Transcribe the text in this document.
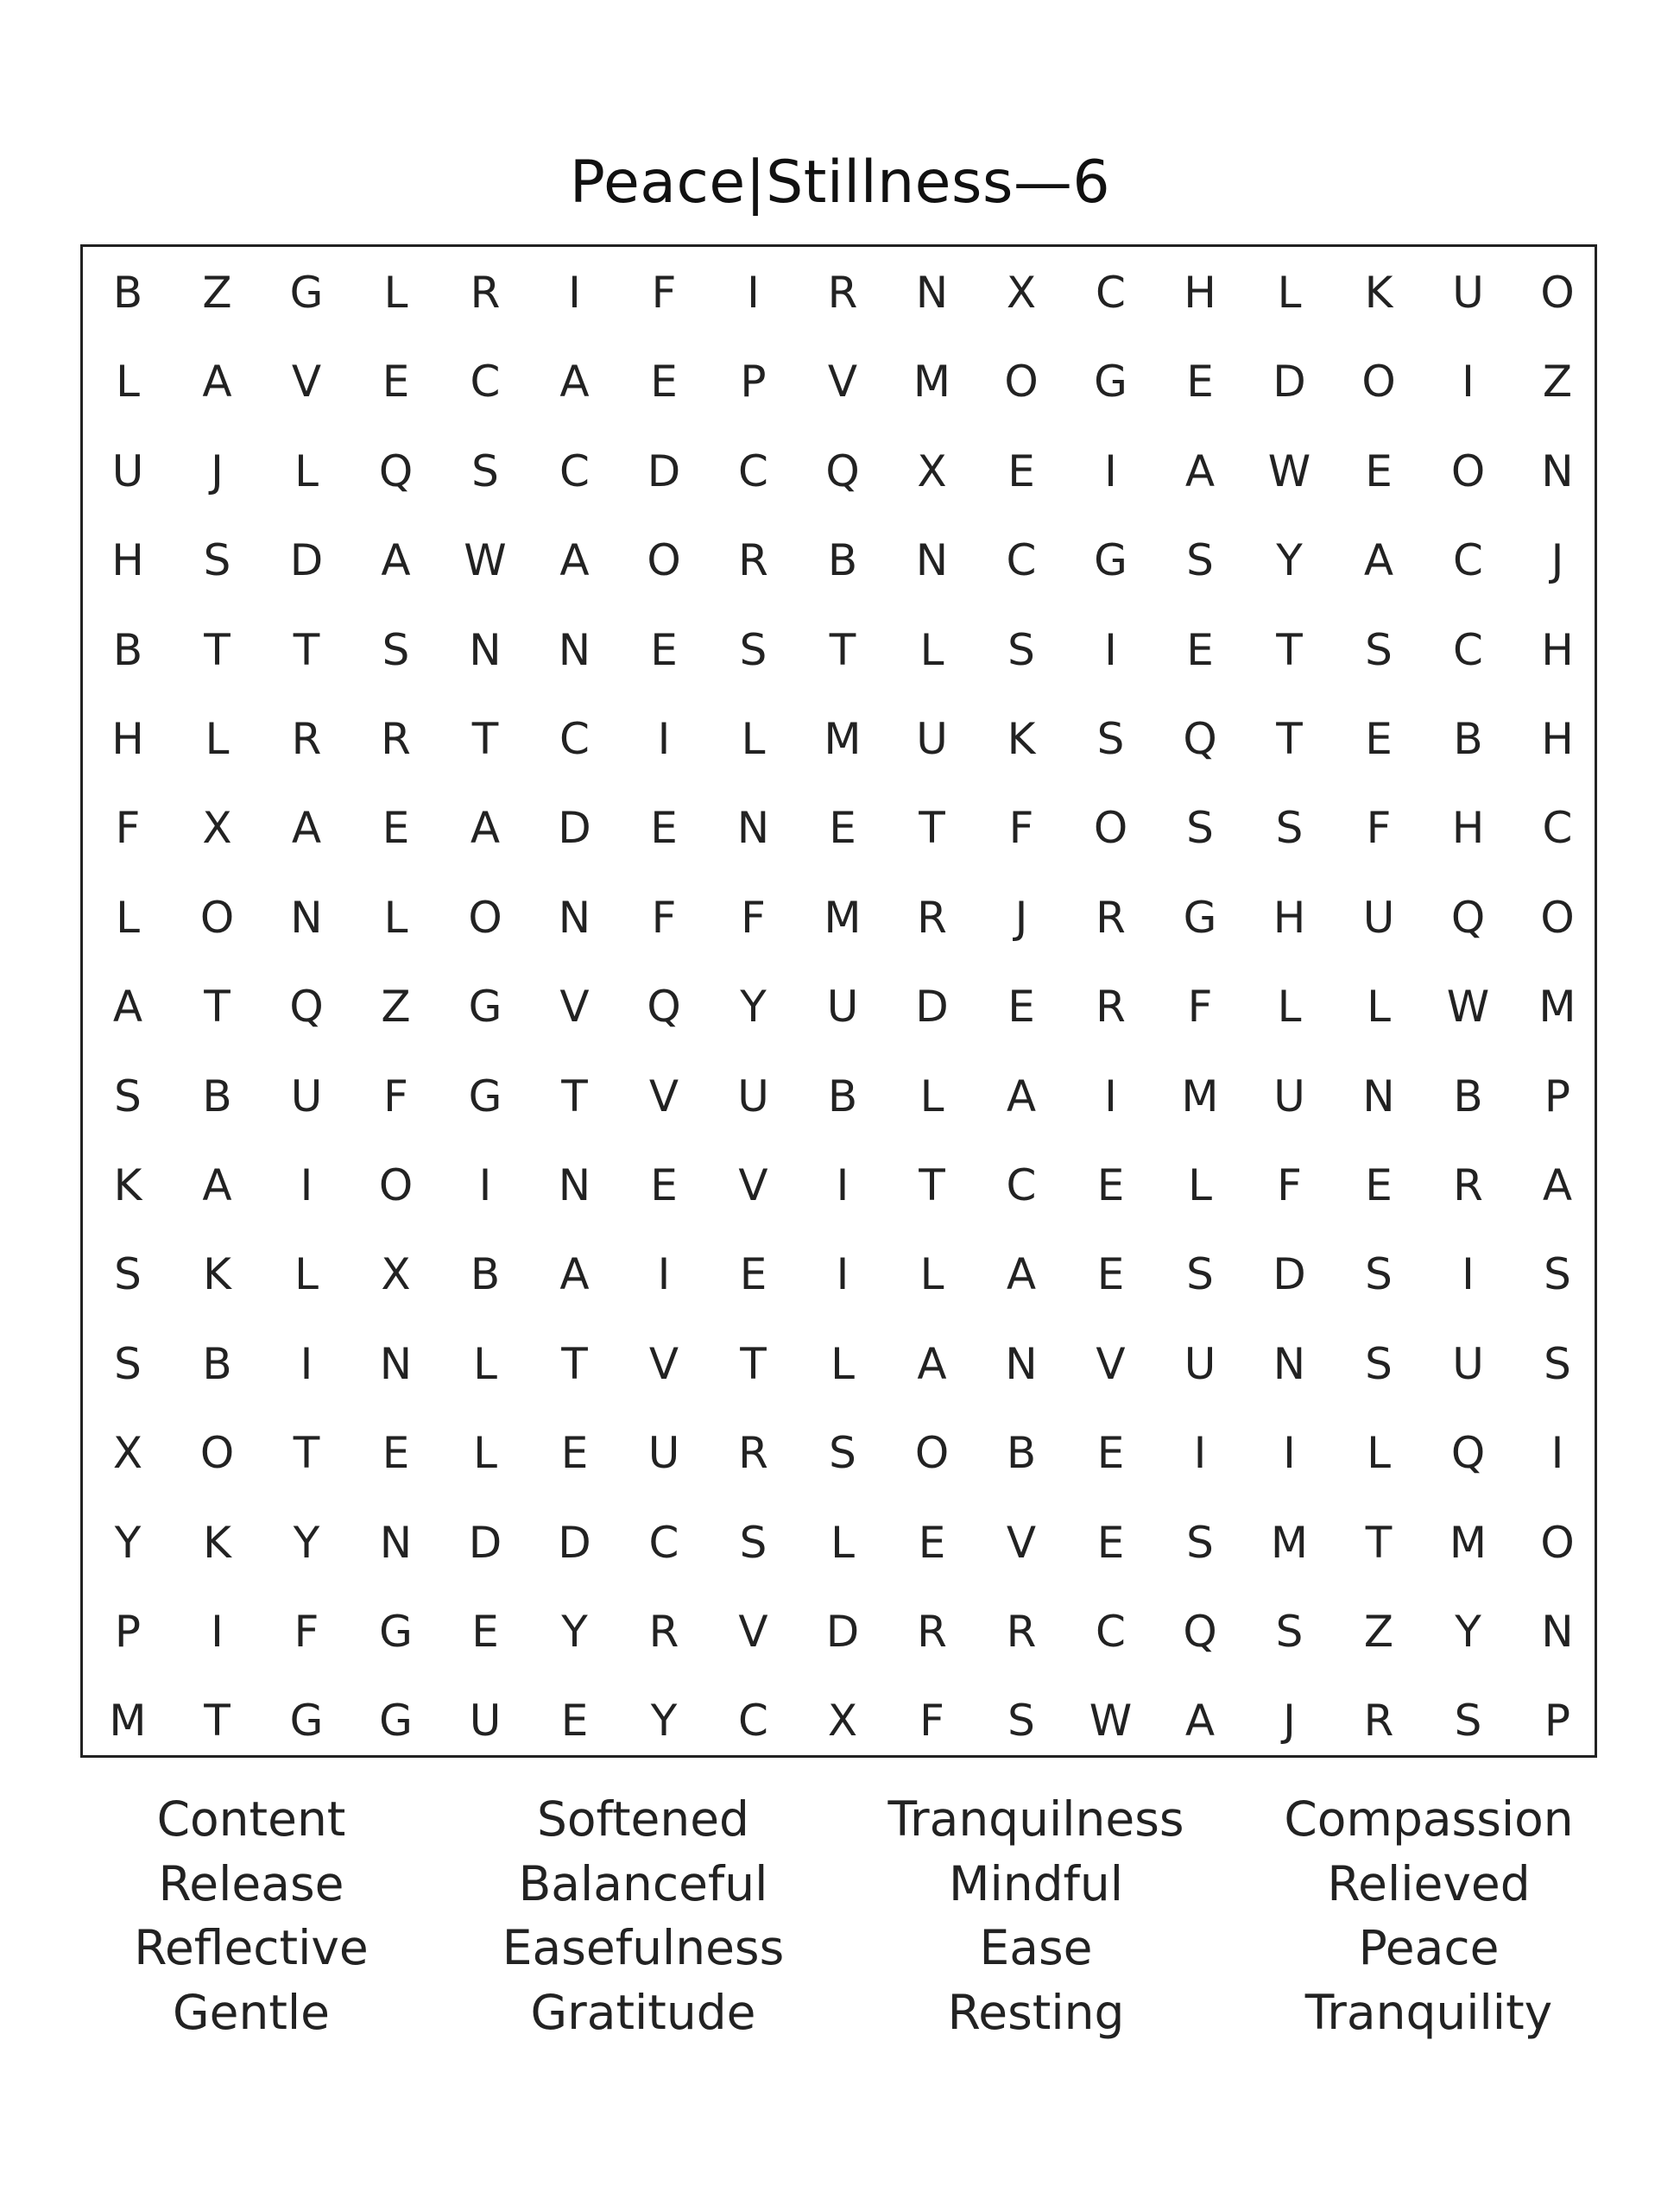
Peace|Stillness—6
B	Z	G	L	R	I	F	I	R	N	X	C	H	L	K	U	O
L	A	V	E	C	A	E	P	V	M	O	G	E	D	O	I	Z
U	J	L	Q	S	C	D	C	Q	X	E	I	A	W	E	O	N
H	S	D	A	W	A	O	R	B	N	C	G	S	Y	A	C	J
B	T	T	S	N	N	E	S	T	L	S	I	E	T	S	C	H
H	L	R	R	T	C	I	L	M	U	K	S	Q	T	E	B	H
F	X	A	E	A	D	E	N	E	T	F	O	S	S	F	H	C
L	O	N	L	O	N	F	F	M	R	J	R	G	H	U	Q	O
A	T	Q	Z	G	V	Q	Y	U	D	E	R	F	L	L	W	M
S	B	U	F	G	T	V	U	B	L	A	I	M	U	N	B	P
K	A	I	O	I	N	E	V	I	T	C	E	L	F	E	R	A
S	K	L	X	B	A	I	E	I	L	A	E	S	D	S	I	S
S	B	I	N	L	T	V	T	L	A	N	V	U	N	S	U	S
X	O	T	E	L	E	U	R	S	O	B	E	I	I	L	Q	I
Y	K	Y	N	D	D	C	S	L	E	V	E	S	M	T	M	O
P	I	F	G	E	Y	R	V	D	R	R	C	Q	S	Z	Y	N
M	T	G	G	U	E	Y	C	X	F	S	W	A	J	R	S	P
Content
Release
Reflective
Gentle
Softened
Balanceful
Easefulness
Gratitude
Tranquilness
Mindful
Ease
Resting
Compassion
Relieved
Peace
Tranquility
